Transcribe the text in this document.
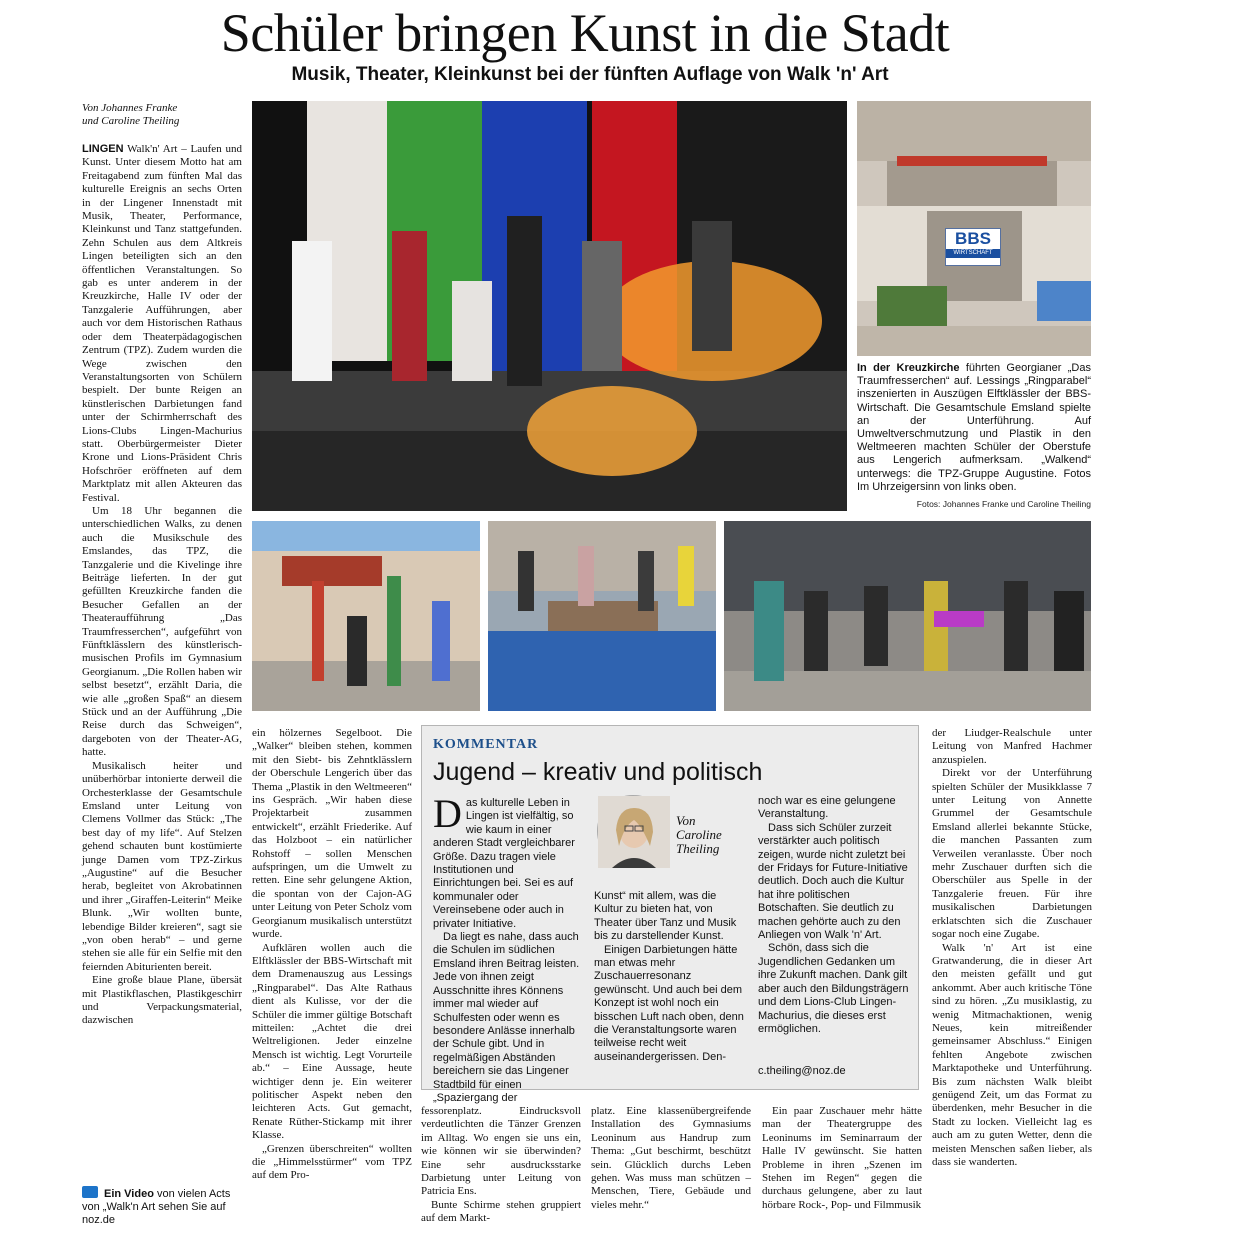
Schüler bringen Kunst in die Stadt
Musik, Theater, Kleinkunst bei der fünften Auflage von Walk 'n' Art
Von Johannes Franke
und Caroline Theiling

LINGEN Walk'n' Art – Laufen und Kunst. Unter diesem Motto hat am Freitagabend zum fünften Mal das kulturelle Ereignis an sechs Orten in der Lingener Innenstadt mit Musik, Theater, Performance, Kleinkunst und Tanz stattgefunden. Zehn Schulen aus dem Altkreis Lingen beteiligten sich an den öffentlichen Veranstaltungen. So gab es unter anderem in der Kreuzkirche, Halle IV oder der Tanzgalerie Aufführungen, aber auch vor dem Historischen Rathaus oder dem Theaterpädagogischen Zentrum (TPZ). Zudem wurden die Wege zwischen den Veranstaltungsorten von Schülern bespielt. Der bunte Reigen an künstlerischen Darbietungen fand unter der Schirmherrschaft des Lions-Clubs Lingen-Machurius statt. Oberbürgermeister Dieter Krone und Lions-Präsident Chris Hofschröer eröffneten auf dem Marktplatz mit allen Akteuren das Festival.

Um 18 Uhr begannen die unterschiedlichen Walks, zu denen auch die Musikschule des Emslandes, das TPZ, die Tanzgalerie und die Kivelinge ihre Beiträge lieferten. In der gut gefüllten Kreuzkirche fanden die Besucher Gefallen an der Theateraufführung „Das Traumfresserchen“, aufgeführt von Fünftklässlern des künstlerisch-musischen Profils im Gymnasium Georgianum. „Die Rollen haben wir selbst besetzt“, erzählt Daria, die wie alle „großen Spaß“ an diesem Stück und an der Aufführung „Die Reise durch das Schweigen“, dargeboten von der Theater-AG, hatte.

Musikalisch heiter und unüberhörbar intonierte derweil die Orchesterklasse der Gesamtschule Emsland unter Leitung von Clemens Vollmer das Stück: „The best day of my life“. Auf Stelzen gehend schauten bunt kostümierte junge Damen vom TPZ-Zirkus „Augustine“ auf die Besucher herab, begleitet von Akrobatinnen und ihrer „Giraffen-Leiterin“ Meike Blunk. „Wir wollten bunte, lebendige Bilder kreieren“, sagt sie „von oben herab“ – und gerne stehen sie alle für ein Selfie mit den feiernden Abiturienten bereit.

Eine große blaue Plane, übersät mit Plastikflaschen, Plastikgeschirr und Verpackungsmaterial, dazwischen

Ein Video von vielen Acts von „Walk'n Art sehen Sie auf noz.de
BBS
WIRTSCHAFT
In der Kreuzkirche führten Georgianer „Das Traumfresserchen“ auf. Lessings „Ringparabel“ inszenierten in Auszügen Elftklässler der BBS-Wirtschaft. Die Gesamtschule Emsland spielte an der Unterführung. Auf Umweltverschmutzung und Plastik in den Weltmeeren machten Schüler der Oberstufe aus Lengerich aufmerksam. „Walkend“ unterwegs: die TPZ-Gruppe Augustine. Fotos Im Uhrzeigersinn von links oben.
Fotos: Johannes Franke und Caroline Theiling

ein hölzernes Segelboot. Die „Walker“ bleiben stehen, kommen mit den Siebt- bis Zehntklässlern der Oberschule Lengerich über das Thema „Plastik in den Weltmeeren“ ins Gespräch. „Wir haben diese Projektarbeit zusammen entwickelt“, erzählt Friederike. Auf das Holzboot – ein natürlicher Rohstoff – sollen Menschen aufspringen, um die Umwelt zu retten. Eine sehr gelungene Aktion, die spontan von der Cajon-AG unter Leitung von Peter Scholz vom Georgianum musikalisch unterstützt wurde.

Aufklären wollen auch die Elftklässler der BBS-Wirtschaft mit dem Dramenauszug aus Lessings „Ringparabel“. Das Alte Rathaus dient als Kulisse, vor der die Schüler die immer gültige Botschaft mitteilen: „Achtet die drei Weltreligionen. Jeder einzelne Mensch ist wichtig. Legt Vorurteile ab.“ – Eine Aussage, heute wichtiger denn je. Ein weiterer politischer Aspekt neben den leichteren Acts. Gut gemacht, Renate Rüther-Stickamp mit ihrer Klasse.

„Grenzen überschreiten“ wollten die „Himmelsstürmer“ vom TPZ auf dem Pro-

KOMMENTAR
Jugend – kreativ und politisch

Das kulturelle Leben in Lingen ist vielfältig, so wie kaum in einer anderen Stadt vergleichbarer Größe. Dazu tragen viele Institutionen und Einrichtungen bei. Sei es auf kommunaler oder Vereinsebene oder auch in privater Initiative.

Da liegt es nahe, dass auch die Schulen im südlichen Emsland ihren Beitrag leisten. Jede von ihnen zeigt Ausschnitte ihres Könnens immer mal wieder auf Schulfesten oder wenn es besondere Anlässe innerhalb der Schule gibt. Und in regelmäßigen Abständen bereichern sie das Lingener Stadtbild für einen „Spaziergang der

Von
Caroline
Theiling

Kunst“ mit allem, was die Kultur zu bieten hat, von Theater über Tanz und Musik bis zu darstellender Kunst.

Einigen Darbietungen hätte man etwas mehr Zuschauerresonanz gewünscht. Und auch bei dem Konzept ist wohl noch ein bisschen Luft nach oben, denn die Veranstaltungsorte waren teilweise recht weit auseinandergerissen. Den-

noch war es eine gelungene Veranstaltung.

Dass sich Schüler zurzeit verstärkter auch politisch zeigen, wurde nicht zuletzt bei der Fridays for Future-Initiative deutlich. Doch auch die Kultur hat ihre politischen Botschaften. Sie deutlich zu machen gehörte auch zu den Anliegen von Walk 'n' Art.

Schön, dass sich die Jugendlichen Gedanken um ihre Zukunft machen. Dank gilt aber auch den Bildungsträgern und dem Lions-Club Lingen-Machurius, die dieses erst ermöglichen.

c.theiling@noz.de

fessorenplatz. Eindrucksvoll verdeutlichten die Tänzer Grenzen im Alltag. Wo engen sie uns ein, wie können wir sie überwinden? Eine sehr ausdrucksstarke Darbietung unter Leitung von Patricia Ens.

Bunte Schirme stehen gruppiert auf dem Markt-

platz. Eine klassenübergreifende Installation des Gymnasiums Leoninum aus Handrup zum Thema: „Gut beschirmt, beschützt sein. Glücklich durchs Leben gehen. Was muss man schützen – Menschen, Tiere, Gebäude und vieles mehr.“

Ein paar Zuschauer mehr hätte man der Theatergruppe des Leoninums im Seminarraum der Halle IV gewünscht. Sie hatten Probleme in ihren „Szenen im Stehen im Regen“ gegen die durchaus gelungene, aber zu laut hörbare Rock-, Pop- und Filmmusik

der Liudger-Realschule unter Leitung von Manfred Hachmer anzuspielen.

Direkt vor der Unterführung spielten Schüler der Musikklasse 7 unter Leitung von Annette Grummel der Gesamtschule Emsland allerlei bekannte Stücke, die manchen Passanten zum Verweilen veranlasste. Über noch mehr Zuschauer durften sich die Oberschüler aus Spelle in der Tanzgalerie freuen. Für ihre musikalischen Darbietungen erklatschten sich die Zuschauer sogar noch eine Zugabe.

Walk 'n' Art ist eine Gratwanderung, die in dieser Art den meisten gefällt und gut ankommt. Aber auch kritische Töne sind zu hören. „Zu musiklastig, zu wenig Mitmachaktionen, wenig Neues, kein mitreißender gemeinsamer Abschluss.“ Einigen fehlten Angebote zwischen Marktapotheke und Unterführung. Bis zum nächsten Walk bleibt genügend Zeit, um das Format zu überdenken, mehr Besucher in die Stadt zu locken. Vielleicht lag es auch am zu guten Wetter, denn die meisten Menschen saßen lieber, als dass sie wanderten.
